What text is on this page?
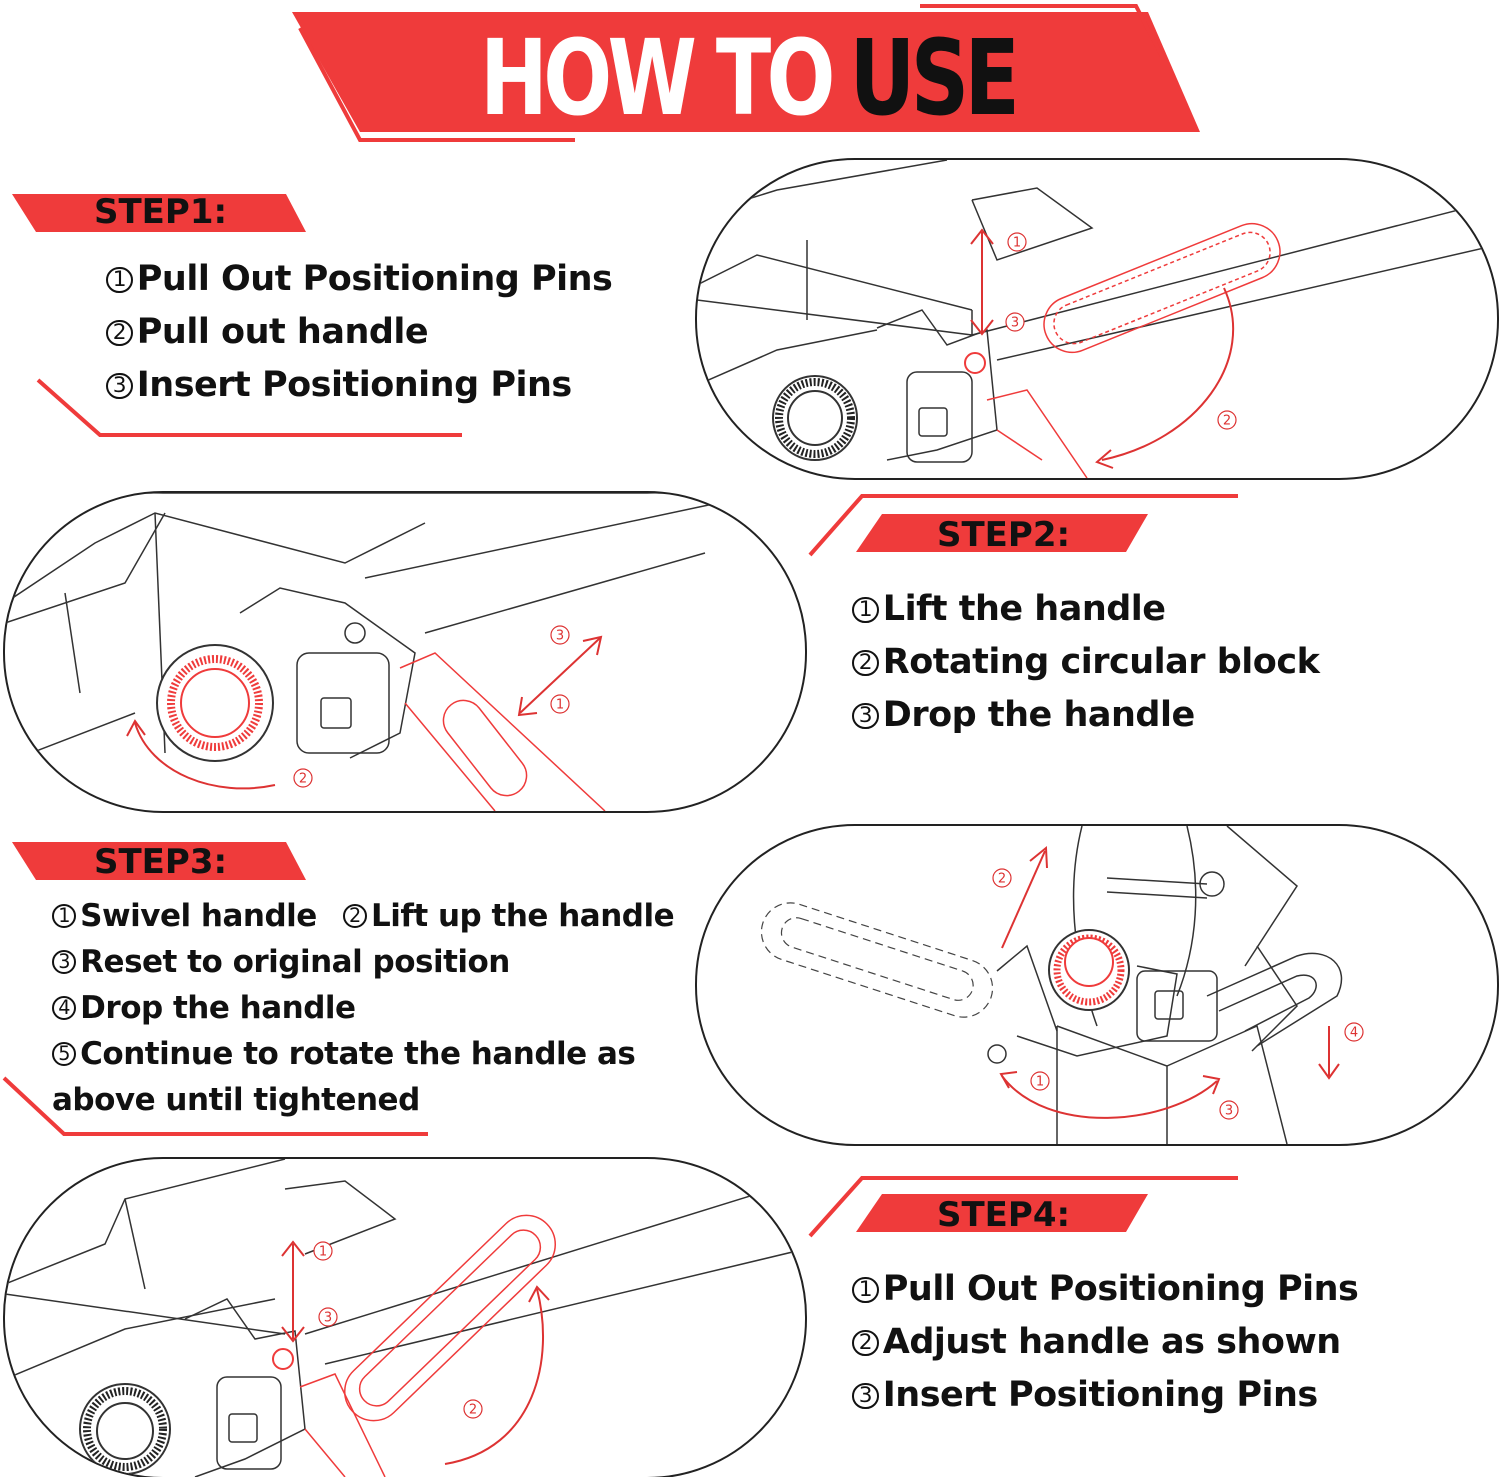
HOW TO USE
STEP1:
1 Pull Out Positioning Pins
2 Pull out handle
3 Insert Positioning Pins
1
2
3
1
2
3
STEP2:
1 Lift the handle
2 Rotating circular block
3 Drop the handle
STEP3:
1 Swivel handle 2 Lift up the handle
3 Reset to original position
4 Drop the handle
5 Continue to rotate the handle as
above until tightened	1
2
3
4
1
2
3
STEP4:
1 Pull Out Positioning Pins
2 Adjust handle as shown
3 Insert Positioning Pins
